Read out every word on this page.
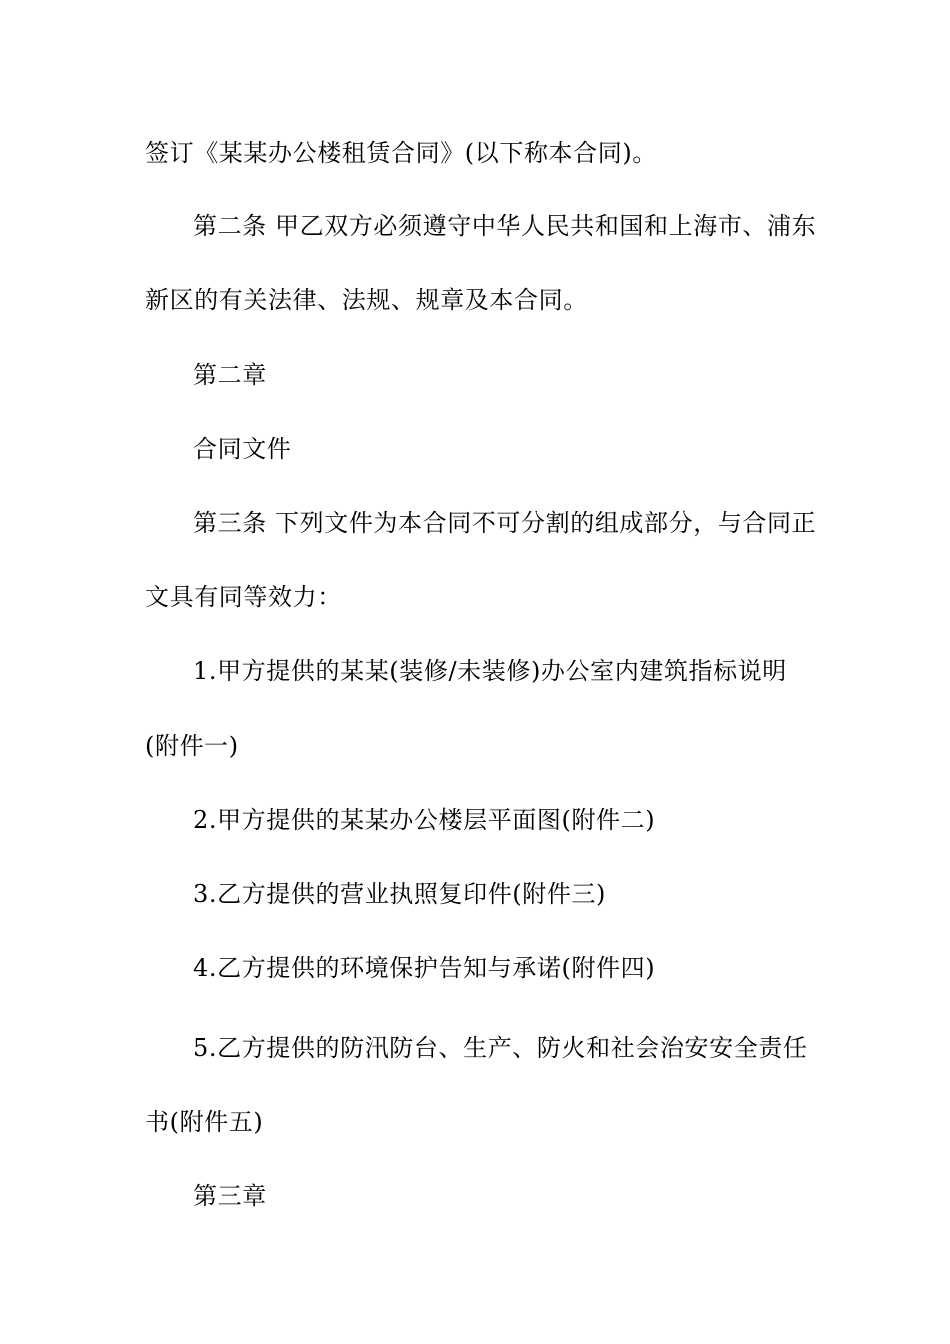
签订《某某办公楼租赁合同》(以下称本合同)。
第二条 甲乙双方必须遵守中华人民共和国和上海市、浦东
新区的有关法律、法规、规章及本合同。
第二章
合同文件
第三条 下列文件为本合同不可分割的组成部分，与合同正
文具有同等效力：
1.甲方提供的某某(装修/未装修)办公室内建筑指标说明
(附件一)
2.甲方提供的某某办公楼层平面图(附件二)
3.乙方提供的营业执照复印件(附件三)
4.乙方提供的环境保护告知与承诺(附件四)
5.乙方提供的防汛防台、生产、防火和社会治安安全责任
书(附件五)
第三章
